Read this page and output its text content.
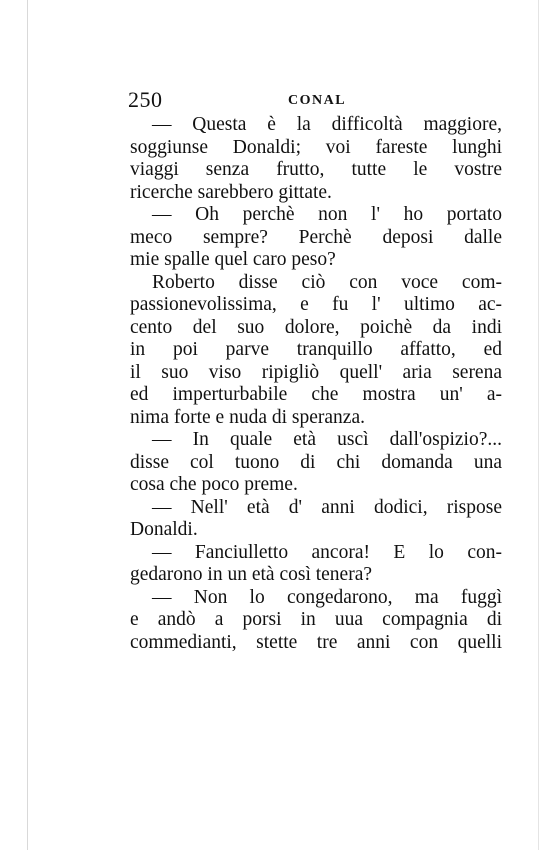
250	CONAL
— Questa è la difficoltà maggiore,
soggiunse Donaldi; voi fareste lunghi
viaggi senza frutto, tutte le vostre
ricerche sarebbero gittate.
— Oh perchè non l' ho portato
meco sempre? Perchè deposi dalle
mie spalle quel caro peso?
Roberto disse ciò con voce com-
passionevolissima, e fu l' ultimo ac-
cento del suo dolore, poichè da indi
in poi parve tranquillo affatto, ed
il suo viso ripigliò quell' aria serena
ed imperturbabile che mostra un' a-
nima forte e nuda di speranza.
— In quale età uscì dall'ospizio?...
disse col tuono di chi domanda una
cosa che poco preme.
— Nell' età d' anni dodici, rispose
Donaldi.
— Fanciulletto ancora! E lo con-
gedarono in un età così tenera?
— Non lo congedarono, ma fuggì
e andò a porsi in uua compagnia di
commedianti, stette tre anni con quelli
